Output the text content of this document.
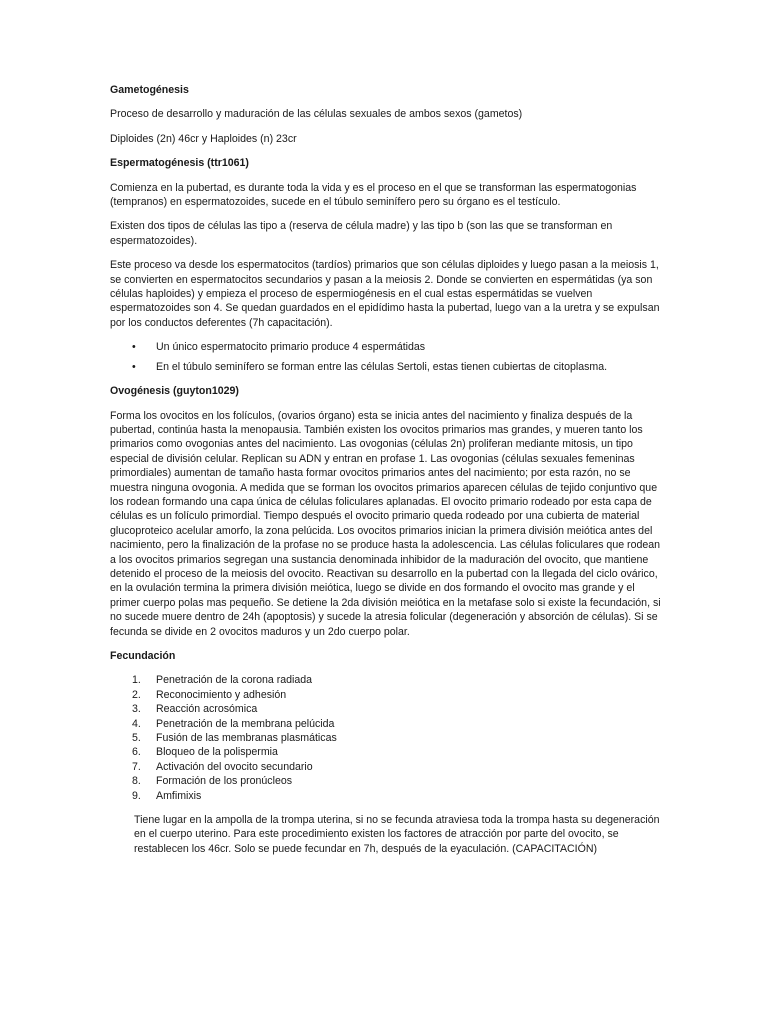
Gametogénesis

Proceso de desarrollo y maduración de las células sexuales de ambos sexos (gametos)

Diploides (2n) 46cr y Haploides (n) 23cr

Espermatogénesis (ttr1061)

Comienza en la pubertad, es durante toda la vida y es el proceso en el que se transforman las espermatogonias (tempranos) en espermatozoides, sucede en el túbulo seminífero pero su órgano es el testículo.

Existen dos tipos de células las tipo a (reserva de célula madre) y las tipo b (son las que se transforman en espermatozoides).

Este proceso va desde los espermatocitos (tardíos) primarios que son células diploides y luego pasan a la meiosis 1, se convierten en espermatocitos secundarios y pasan a la meiosis 2. Donde se convierten en espermátidas (ya son células haploides) y empieza el proceso de espermiogénesis en el cual estas espermátidas se vuelven espermatozoides son 4. Se quedan guardados en el epidídimo hasta la pubertad, luego van a la uretra y se expulsan por los conductos deferentes (7h capacitación).

• Un único espermatocito primario produce 4 espermátidas
• En el túbulo seminífero se forman entre las células Sertoli, estas tienen cubiertas de citoplasma.
Ovogénesis (guyton1029)

Forma los ovocitos en los folículos, (ovarios órgano) esta se inicia antes del nacimiento y finaliza después de la pubertad, continúa hasta la menopausia. También existen los ovocitos primarios mas grandes, y mueren tanto los primarios como ovogonias antes del nacimiento. Las ovogonias (células 2n) proliferan mediante mitosis, un tipo especial de división celular. Replican su ADN y entran en profase 1. Las ovogonias (células sexuales femeninas primordiales) aumentan de tamaño hasta formar ovocitos primarios antes del nacimiento; por esta razón, no se muestra ninguna ovogonia. A medida que se forman los ovocitos primarios aparecen células de tejido conjuntivo que los rodean formando una capa única de células foliculares aplanadas. El ovocito primario rodeado por esta capa de células es un folículo primordial. Tiempo después el ovocito primario queda rodeado por una cubierta de material glucoproteico acelular amorfo, la zona pelúcida. Los ovocitos primarios inician la primera división meiótica antes del nacimiento, pero la finalización de la profase no se produce hasta la adolescencia. Las células foliculares que rodean a los ovocitos primarios segregan una sustancia denominada inhibidor de la maduración del ovocito, que mantiene detenido el proceso de la meiosis del ovocito. Reactivan su desarrollo en la pubertad con la llegada del ciclo ovárico, en la ovulación termina la primera división meiótica, luego se divide en dos formando el ovocito mas grande y el primer cuerpo polas mas pequeño. Se detiene la 2da división meiótica en la metafase solo si existe la fecundación, si no sucede muere dentro de 24h (apoptosis) y sucede la atresia folicular (degeneración y absorción de células). Si se fecunda se divide en 2 ovocitos maduros y un 2do cuerpo polar.

Fecundación
1. Penetración de la corona radiada
2. Reconocimiento y adhesión
3. Reacción acrosómica
4. Penetración de la membrana pelúcida
5. Fusión de las membranas plasmáticas
6. Bloqueo de la polispermia
7. Activación del ovocito secundario
8. Formación de los pronúcleos
9. Amfimixis

Tiene lugar en la ampolla de la trompa uterina, si no se fecunda atraviesa toda la trompa hasta su degeneración en el cuerpo uterino. Para este procedimiento existen los factores de atracción por parte del ovocito, se restablecen los 46cr. Solo se puede fecundar en 7h, después de la eyaculación. (CAPACITACIÓN)
